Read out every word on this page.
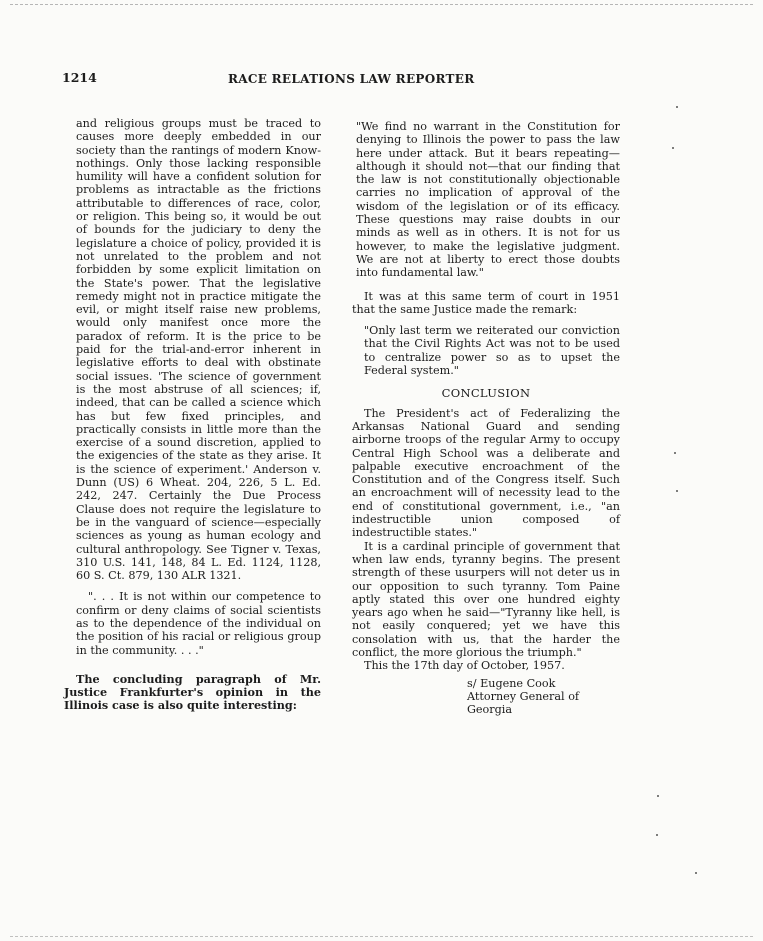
1214	RACE RELATIONS LAW REPORTER

and religious groups must be traced to causes more deeply embedded in our society than the rantings of modern Know-nothings. Only those lacking responsible humility will have a confident solution for problems as intractable as the frictions attributable to differences of race, color, or religion. This being so, it would be out of bounds for the judiciary to deny the legislature a choice of policy, provided it is not unrelated to the problem and not forbidden by some explicit limitation on the State's power. That the legislative remedy might not in practice mitigate the evil, or might itself raise new problems, would only manifest once more the paradox of reform. It is the price to be paid for the trial-and-error inherent in legislative efforts to deal with obstinate social issues. 'The science of government is the most abstruse of all sciences; if, indeed, that can be called a science which has but few fixed principles, and practically consists in little more than the exercise of a sound discretion, applied to the exigencies of the state as they arise. It is the science of experiment.' Anderson v. Dunn (US) 6 Wheat. 204, 226, 5 L. Ed. 242, 247. Certainly the Due Process Clause does not require the legislature to be in the vanguard of science—especially sciences as young as human ecology and cultural anthropology. See Tigner v. Texas, 310 U.S. 141, 148, 84 L. Ed. 1124, 1128, 60 S. Ct. 879, 130 ALR 1321.

". . . It is not within our competence to confirm or deny claims of social scientists as to the dependence of the individual on the position of his racial or religious group in the community. . . ."

The concluding paragraph of Mr. Justice Frankfurter's opinion in the Illinois case is also quite interesting:

"We find no warrant in the Constitution for denying to Illinois the power to pass the law here under attack. But it bears repeating—although it should not—that our finding that the law is not constitutionally objectionable carries no implication of approval of the wisdom of the legislation or of its efficacy. These questions may raise doubts in our minds as well as in others. It is not for us however, to make the legislative judgment. We are not at liberty to erect those doubts into fundamental law."

It was at this same term of court in 1951 that the same Justice made the remark:

"Only last term we reiterated our conviction that the Civil Rights Act was not to be used to centralize power so as to upset the Federal system."

CONCLUSION

The President's act of Federalizing the Arkansas National Guard and sending airborne troops of the regular Army to occupy Central High School was a deliberate and palpable executive encroachment of the Constitution and of the Congress itself. Such an encroachment will of necessity lead to the end of constitutional government, i.e., "an indestructible union composed of indestructible states."

It is a cardinal principle of government that when law ends, tyranny begins. The present strength of these usurpers will not deter us in our opposition to such tyranny. Tom Paine aptly stated this over one hundred eighty years ago when he said—"Tyranny like hell, is not easily conquered; yet we have this consolation with us, that the harder the conflict, the more glorious the triumph."

This the 17th day of October, 1957.

s/ Eugene Cook
Attorney General of
Georgia
